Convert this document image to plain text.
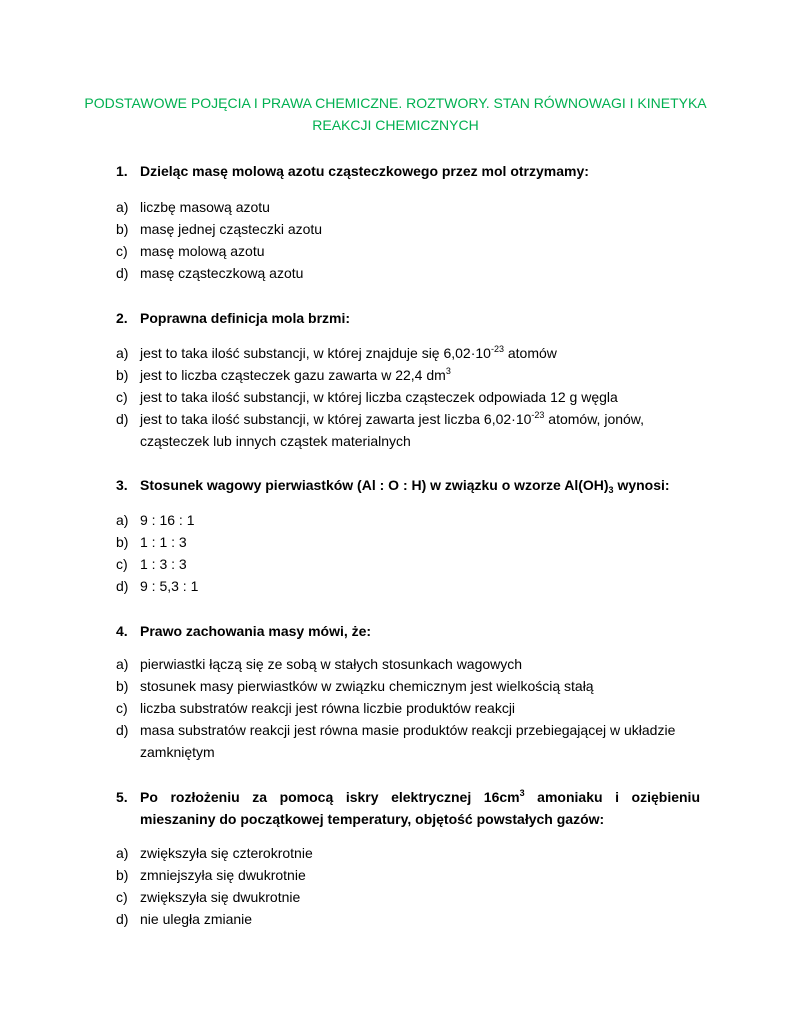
PODSTAWOWE POJĘCIA I PRAWA CHEMICZNE. ROZTWORY. STAN RÓWNOWAGI I KINETYKA
REAKCJI CHEMICZNYCH
1. Dzieląc masę molową azotu cząsteczkowego przez mol otrzymamy:
a) liczbę masową azotu
b) masę jednej cząsteczki azotu
c) masę molową azotu
d) masę cząsteczkową azotu
2. Poprawna definicja mola brzmi:
a) jest to taka ilość substancji, w której znajduje się $6,02\cdot 10^{-23}$ atomów
b) jest to liczba cząsteczek gazu zawarta w 22,4 $dm^3$
c) jest to taka ilość substancji, w której liczba cząsteczek odpowiada 12 g węgla
d) jest to taka ilość substancji, w której zawarta jest liczba $6,02\cdot 10^{-23}$ atomów, jonów, cząsteczek lub innych cząstek materialnych
3. Stosunek wagowy pierwiastków (Al : O : H) w związku o wzorze $Al(OH)_3$ wynosi:
a) 9 : 16 : 1
b) 1 : 1 : 3
c) 1 : 3 : 3
d) 9 : 5,3 : 1
4. Prawo zachowania masy mówi, że:
a) pierwiastki łączą się ze sobą w stałych stosunkach wagowych
b) stosunek masy pierwiastków w związku chemicznym jest wielkością stałą
c) liczba substratów reakcji jest równa liczbie produktów reakcji
d) masa substratów reakcji jest równa masie produktów reakcji przebiegającej w układzie zamkniętym
5. Po rozłożeniu za pomocą iskry elektrycznej $16cm^3$ amoniaku i oziębieniu mieszaniny do początkowej temperatury, objętość powstałych gazów:
a) zwiększyła się czterokrotnie
b) zmniejszyła się dwukrotnie
c) zwiększyła się dwukrotnie
d) nie uległa zmianie
